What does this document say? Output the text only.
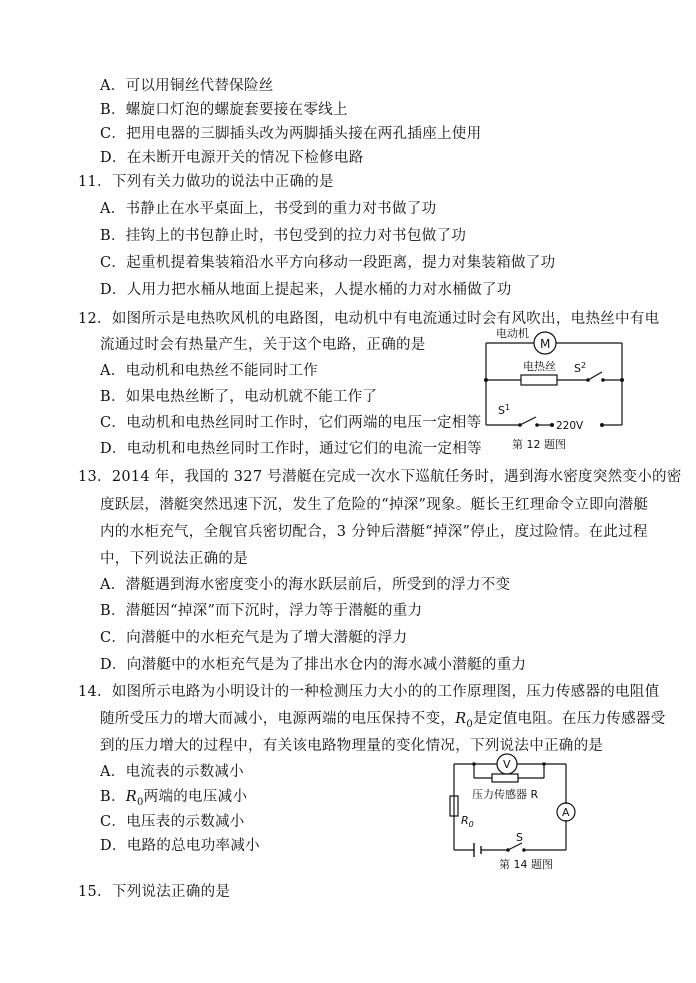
A．可以用铜丝代替保险丝
B．螺旋口灯泡的螺旋套要接在零线上
C．把用电器的三脚插头改为两脚插头接在两孔插座上使用
D．在未断开电源开关的情况下检修电路
11．下列有关力做功的说法中正确的是
A．书静止在水平桌面上，书受到的重力对书做了功
B．挂钩上的书包静止时，书包受到的拉力对书包做了功
C．起重机提着集装箱沿水平方向移动一段距离，提力对集装箱做了功
D．人用力把水桶从地面上提起来，人提水桶的力对水桶做了功
12．如图所示是电热吹风机的电路图，电动机中有电流通过时会有风吹出，电热丝中有电
流通过时会有热量产生，关于这个电路，正确的是
A．电动机和电热丝不能同时工作
B．如果电热丝断了，电动机就不能工作了
C．电动机和电热丝同时工作时，它们两端的电压一定相等
D．电动机和电热丝同时工作时，通过它们的电流一定相等
电动机
M
电热丝 $S^2$
$S^1$
220V
第 12 题图
13．2014 年，我国的 327 号潜艇在完成一次水下巡航任务时，遇到海水密度突然变小的密
度跃层，潜艇突然迅速下沉，发生了危险的“掉深”现象。艇长王红理命令立即向潜艇
内的水柜充气，全舰官兵密切配合，3 分钟后潜艇“掉深”停止，度过险情。在此过程
中，下列说法正确的是
A．潜艇遇到海水密度变小的海水跃层前后，所受到的浮力不变
B．潜艇因“掉深”而下沉时，浮力等于潜艇的重力
C．向潜艇中的水柜充气是为了增大潜艇的浮力
D．向潜艇中的水柜充气是为了排出水仓内的海水减小潜艇的重力
14．如图所示电路为小明设计的一种检测压力大小的的工作原理图，压力传感器的电阻值
随所受压力的增大而减小，电源两端的电压保持不变，$R_0$是定值电阻。在压力传感器受
到的压力增大的过程中，有关该电路物理量的变化情况，下列说法中正确的是
A．电流表的示数减小
B．$R_0$两端的电压减小
C．电压表的示数减小
D．电路的总电功率减小
V
压力传感器 R
A
$R_0$
S
第 14 题图
15．下列说法正确的是
